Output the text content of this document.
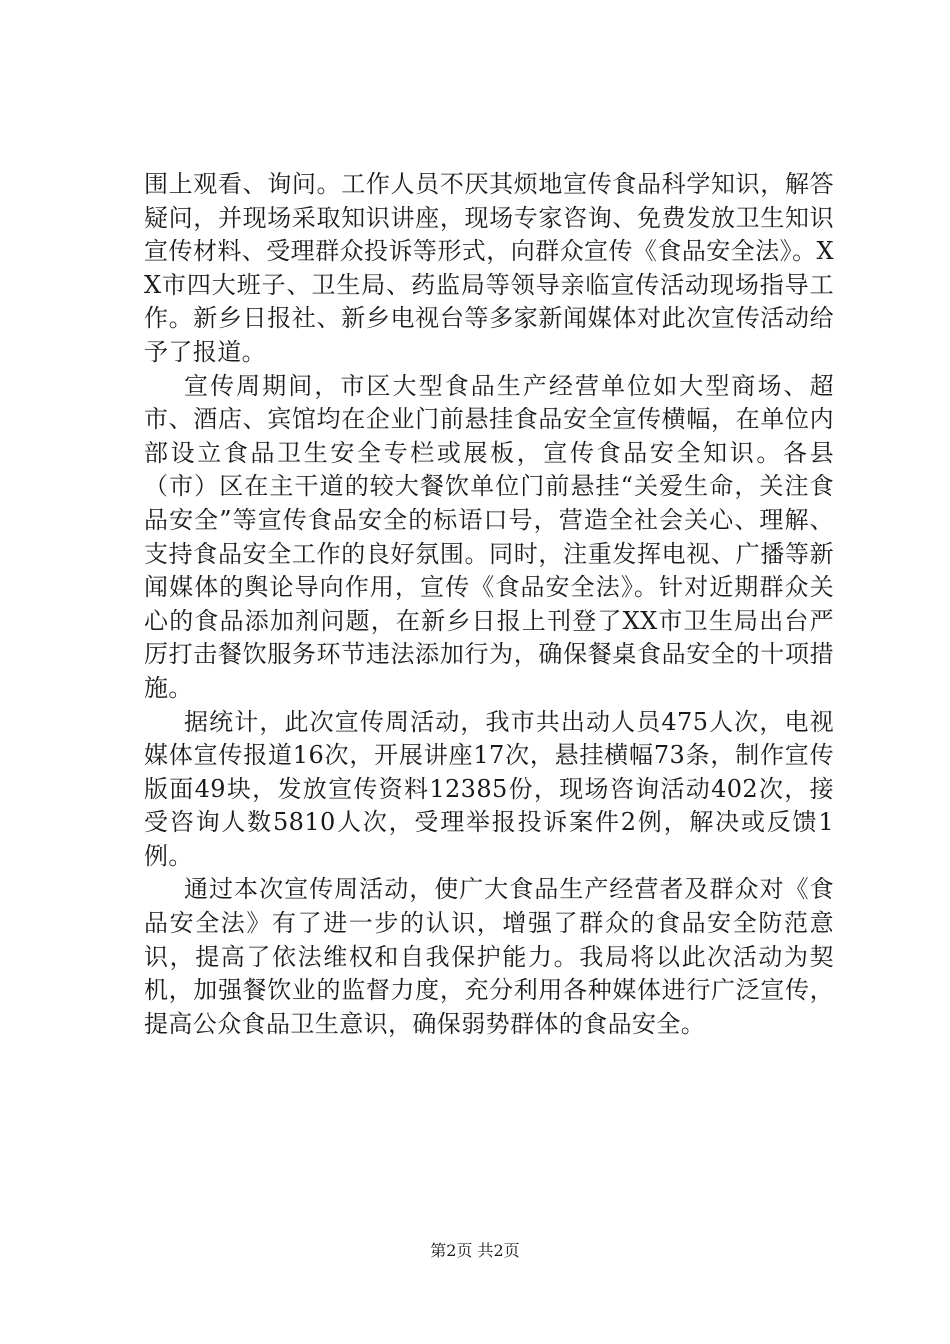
围上观看、询问。工作人员不厌其烦地宣传食品科学知识，解答疑问，并现场采取知识讲座，现场专家咨询、免费发放卫生知识宣传材料、受理群众投诉等形式，向群众宣传《食品安全法》。XX市四大班子、卫生局、药监局等领导亲临宣传活动现场指导工作。新乡日报社、新乡电视台等多家新闻媒体对此次宣传活动给予了报道。

宣传周期间，市区大型食品生产经营单位如大型商场、超市、酒店、宾馆均在企业门前悬挂食品安全宣传横幅，在单位内部设立食品卫生安全专栏或展板，宣传食品安全知识。各县（市）区在主干道的较大餐饮单位门前悬挂“关爱生命，关注食品安全”等宣传食品安全的标语口号，营造全社会关心、理解、支持食品安全工作的良好氛围。同时，注重发挥电视、广播等新闻媒体的舆论导向作用，宣传《食品安全法》。针对近期群众关心的食品添加剂问题，在新乡日报上刊登了XX市卫生局出台严厉打击餐饮服务环节违法添加行为，确保餐桌食品安全的十项措施。

据统计，此次宣传周活动，我市共出动人员475人次，电视媒体宣传报道16次，开展讲座17次，悬挂横幅73条，制作宣传版面49块，发放宣传资料12385份，现场咨询活动402次，接受咨询人数5810人次，受理举报投诉案件2例，解决或反馈1例。

通过本次宣传周活动，使广大食品生产经营者及群众对《食品安全法》有了进一步的认识，增强了群众的食品安全防范意识，提高了依法维权和自我保护能力。我局将以此次活动为契机，加强餐饮业的监督力度，充分利用各种媒体进行广泛宣传，提高公众食品卫生意识，确保弱势群体的食品安全。

第2页 共2页
